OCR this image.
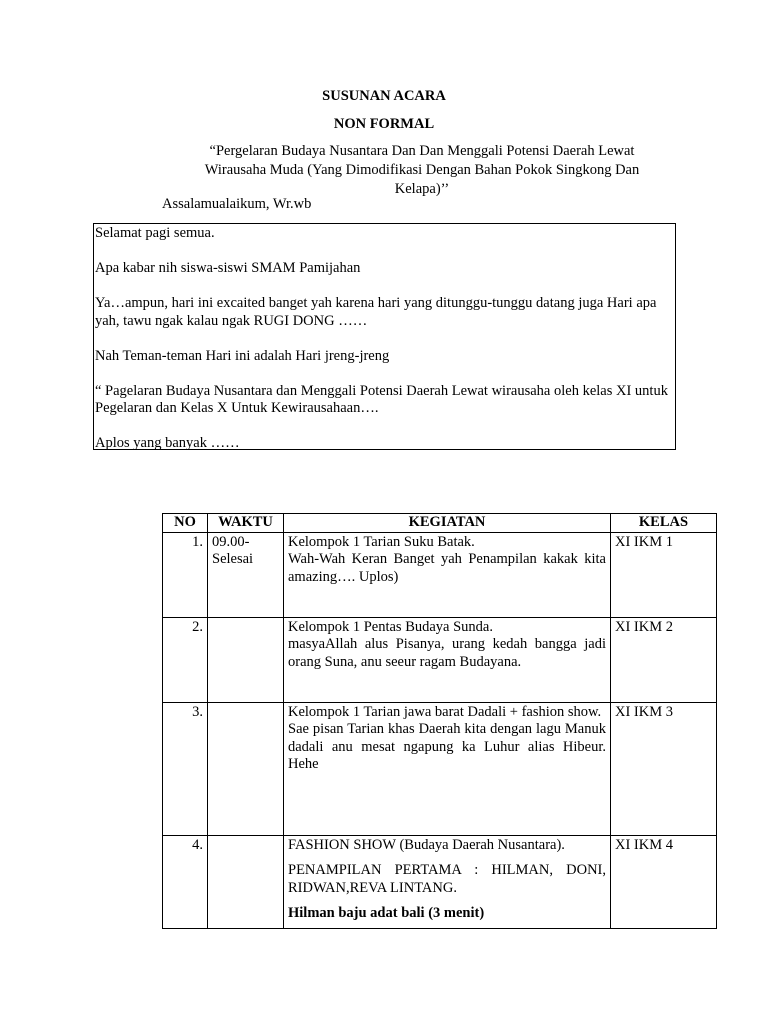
SUSUNAN ACARA
NON FORMAL
“Pergelaran Budaya Nusantara Dan Dan Menggali Potensi Daerah Lewat Wirausaha Muda (Yang Dimodifikasi Dengan Bahan Pokok Singkong Dan Kelapa)’’
Assalamualaikum, Wr.wb

Selamat pagi semua.

Apa kabar nih siswa-siswi SMAM Pamijahan

Ya…ampun, hari ini excaited banget yah karena hari yang ditunggu-tunggu datang juga Hari apa yah, tawu ngak kalau ngak RUGI DONG ……

Nah Teman-teman Hari ini adalah Hari jreng-jreng

“ Pagelaran Budaya Nusantara dan Menggali Potensi Daerah Lewat wirausaha oleh kelas XI untuk Pegelaran dan Kelas X Untuk Kewirausahaan….

Aplos yang banyak ……

NO	WAKTU	KEGIATAN	KELAS
1.	09.00-Selesai	Kelompok 1 Tarian Suku Batak.
Wah-Wah Keran Banget yah Penampilan kakak kita amazing…. Uplos)	XI IKM 1
2.		Kelompok 1 Pentas Budaya Sunda.
masyaAllah alus Pisanya, urang kedah bangga jadi orang Suna, anu seeur ragam Budayana.	XI IKM 2
3.		Kelompok 1 Tarian jawa barat Dadali + fashion show.
Sae pisan Tarian khas Daerah kita dengan lagu Manuk dadali anu mesat ngapung ka Luhur alias Hibeur. Hehe	XI IKM 3
4.		FASHION SHOW (Budaya Daerah Nusantara).
PENAMPILAN PERTAMA : HILMAN, DONI, RIDWAN,REVA LINTANG.
Hilman baju adat bali (3 menit)	XI IKM 4
